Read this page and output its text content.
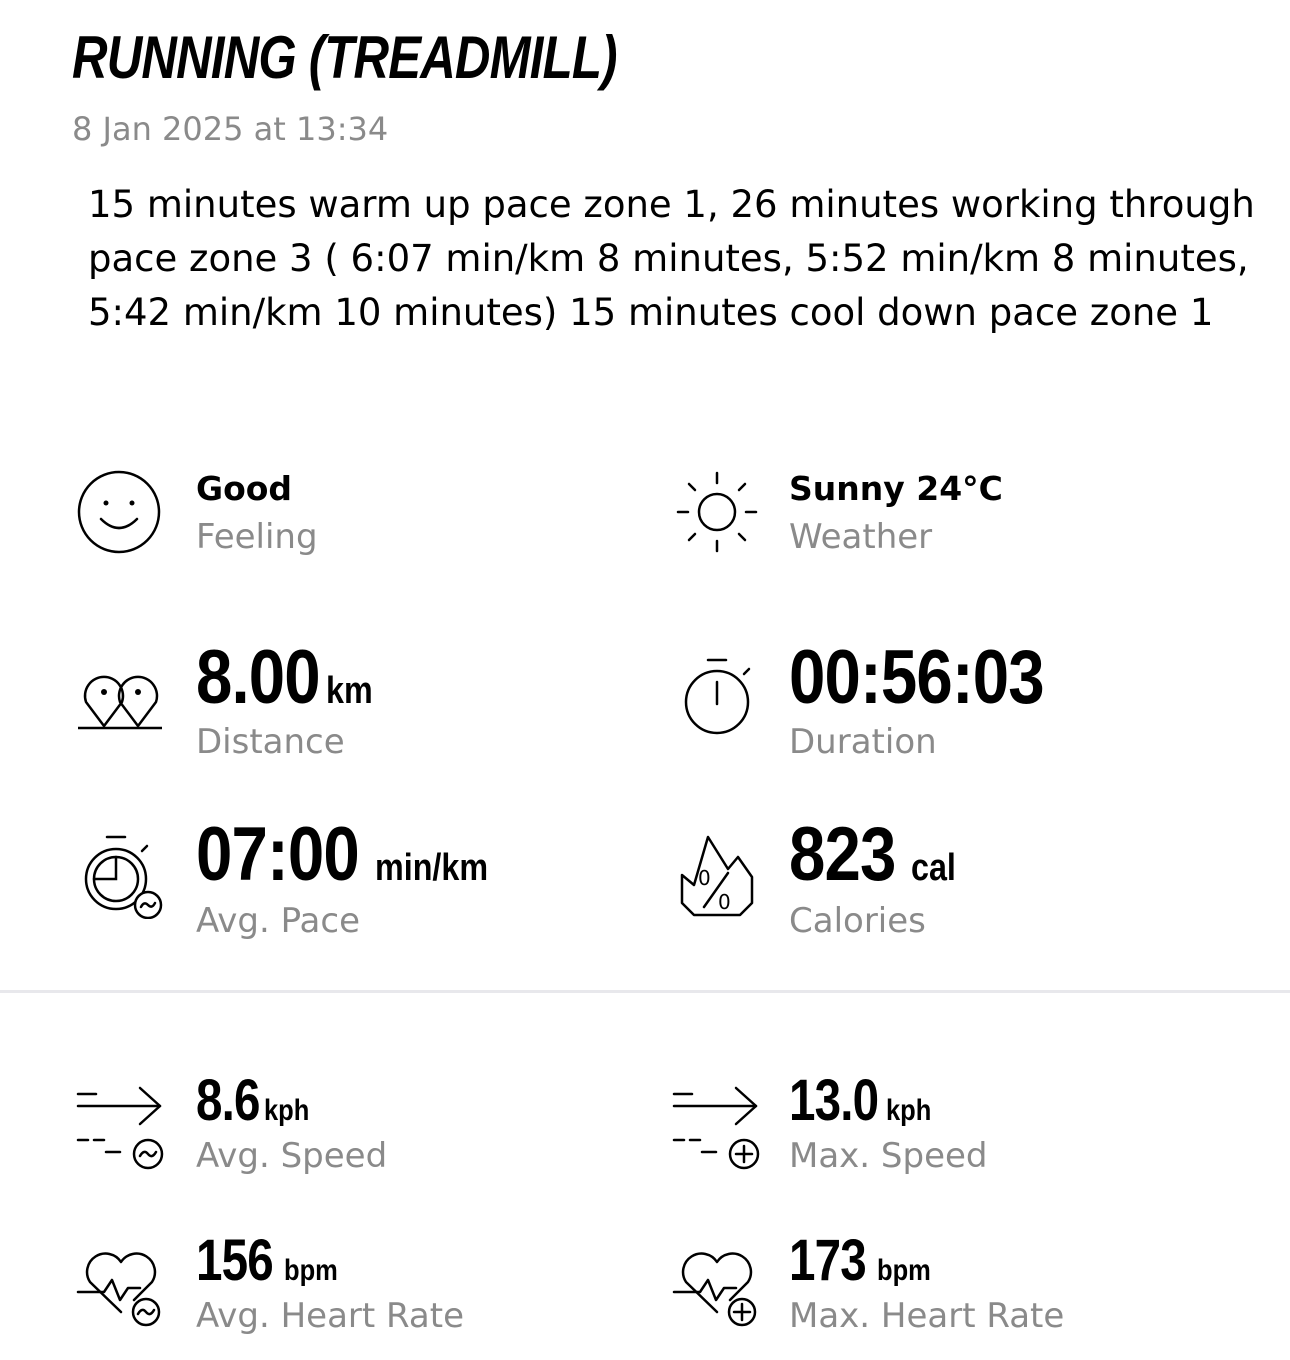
RUNNING (TREADMILL)
8 Jan 2025 at 13:34

15 minutes warm up pace zone 1, 26 minutes working through pace zone 3 ( 6:07 min/km 8 minutes, 5:52 min/km 8 minutes, 5:42 min/km 10 minutes) 15 minutes cool down pace zone 1

Good
Feeling
Sunny 24°C
Weather
8.00 km
Distance
00:56:03
Duration
07:00 min/km
Avg. Pace
0
0
823 cal
Calories
8.6 kph
Avg. Speed
13.0 kph
Max. Speed
156 bpm
Avg. Heart Rate
173 bpm
Max. Heart Rate
